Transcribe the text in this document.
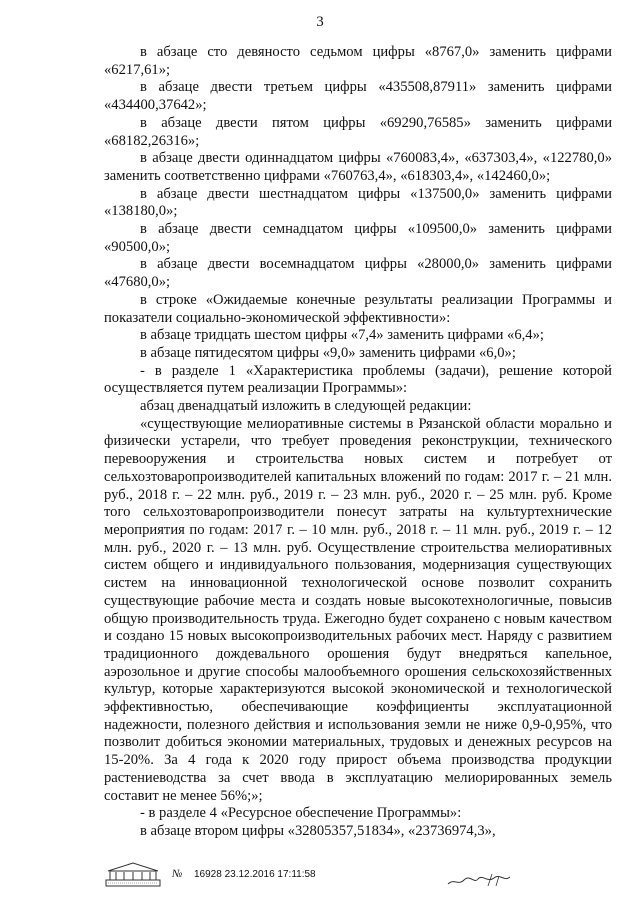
3

в абзаце сто девяносто седьмом цифры «8767,0» заменить цифрами «6217,61»;

в абзаце двести третьем цифры «435508,87911» заменить цифрами «434400,37642»;

в абзаце двести пятом цифры «69290,76585» заменить цифрами «68182,26316»;

в абзаце двести одиннадцатом цифры «760083,4», «637303,4», «122780,0» заменить соответственно цифрами «760763,4», «618303,4», «142460,0»;

в абзаце двести шестнадцатом цифры «137500,0» заменить цифрами «138180,0»;

в абзаце двести семнадцатом цифры «109500,0» заменить цифрами «90500,0»;

в абзаце двести восемнадцатом цифры «28000,0» заменить цифрами «47680,0»;

в строке «Ожидаемые конечные результаты реализации Программы и показатели социально-экономической эффективности»:

в абзаце тридцать шестом цифры «7,4» заменить цифрами «6,4»;

в абзаце пятидесятом цифры «9,0» заменить цифрами «6,0»;

- в разделе 1 «Характеристика проблемы (задачи), решение которой осуществляется путем реализации Программы»:

абзац двенадцатый изложить в следующей редакции:

«существующие мелиоративные системы в Рязанской области морально и физически устарели, что требует проведения реконструкции, технического перевооружения и строительства новых систем и потребует от сельхозтоваропроизводителей капитальных вложений по годам: 2017 г. – 21 млн. руб., 2018 г. – 22 млн. руб., 2019 г. – 23 млн. руб., 2020 г. – 25 млн. руб. Кроме того сельхозтоваропроизводители понесут затраты на культуртехнические мероприятия по годам: 2017 г. – 10 млн. руб., 2018 г. – 11 млн. руб., 2019 г. – 12 млн. руб., 2020 г. – 13 млн. руб. Осуществление строительства мелиоративных систем общего и индивидуального пользования, модернизация существующих систем на инновационной технологической основе позволит сохранить существующие рабочие места и создать новые высокотехнологичные, повысив общую производительность труда. Ежегодно будет сохранено с новым качеством и создано 15 новых высокопроизводительных рабочих мест. Наряду с развитием традиционного дождевального орошения будут внедряться капельное, аэрозольное и другие способы малообъемного орошения сельскохозяйственных культур, которые характеризуются высокой экономической и технологической эффективностью, обеспечивающие коэффициенты эксплуатационной надежности, полезного действия и использования земли не ниже 0,9-0,95%, что позволит добиться экономии материальных, трудовых и денежных ресурсов на 15-20%. За 4 года к 2020 году прирост объема производства продукции растениеводства за счет ввода в эксплуатацию мелиорированных земель составит не менее 56%;»;

- в разделе 4 «Ресурсное обеспечение Программы»:

в абзаце втором цифры «32805357,51834», «23736974,3»,

№ 16928 23.12.2016 17:11:58
